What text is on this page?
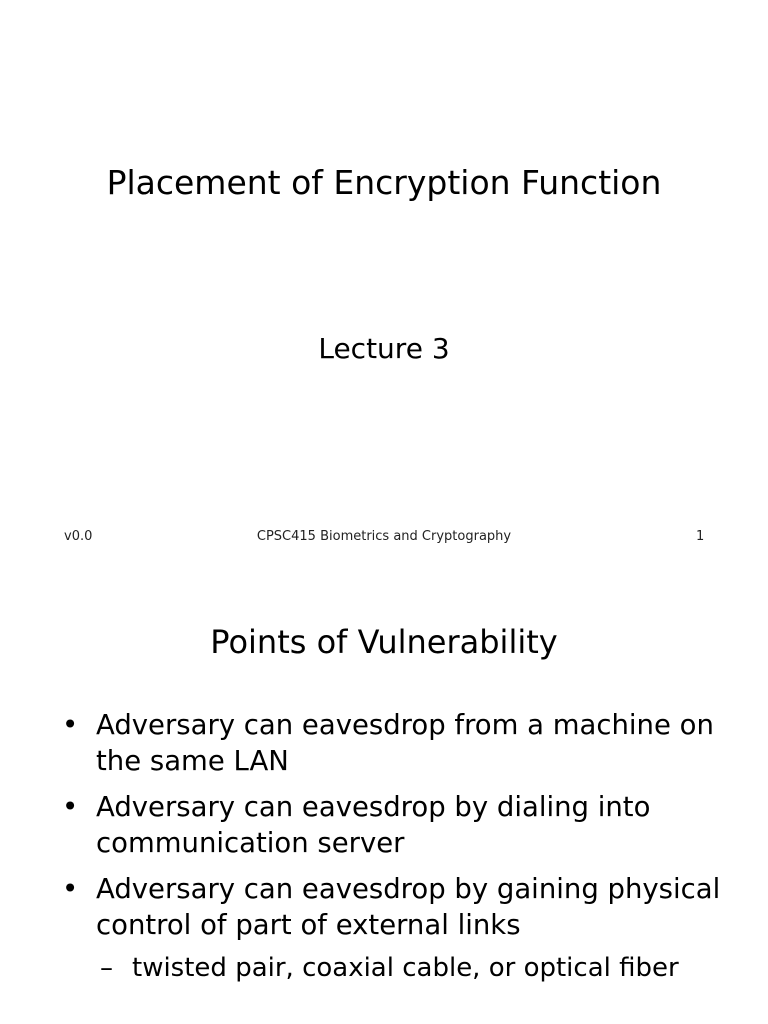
Placement of Encryption Function
Lecture 3
v0.0	CPSC415 Biometrics and Cryptography	1
Points of Vulnerability
• Adversary can eavesdrop from a machine on the same LAN
• Adversary can eavesdrop by dialing into communication server
• Adversary can eavesdrop by gaining physical control of part of external links
– twisted pair, coaxial cable, or optical fiber
